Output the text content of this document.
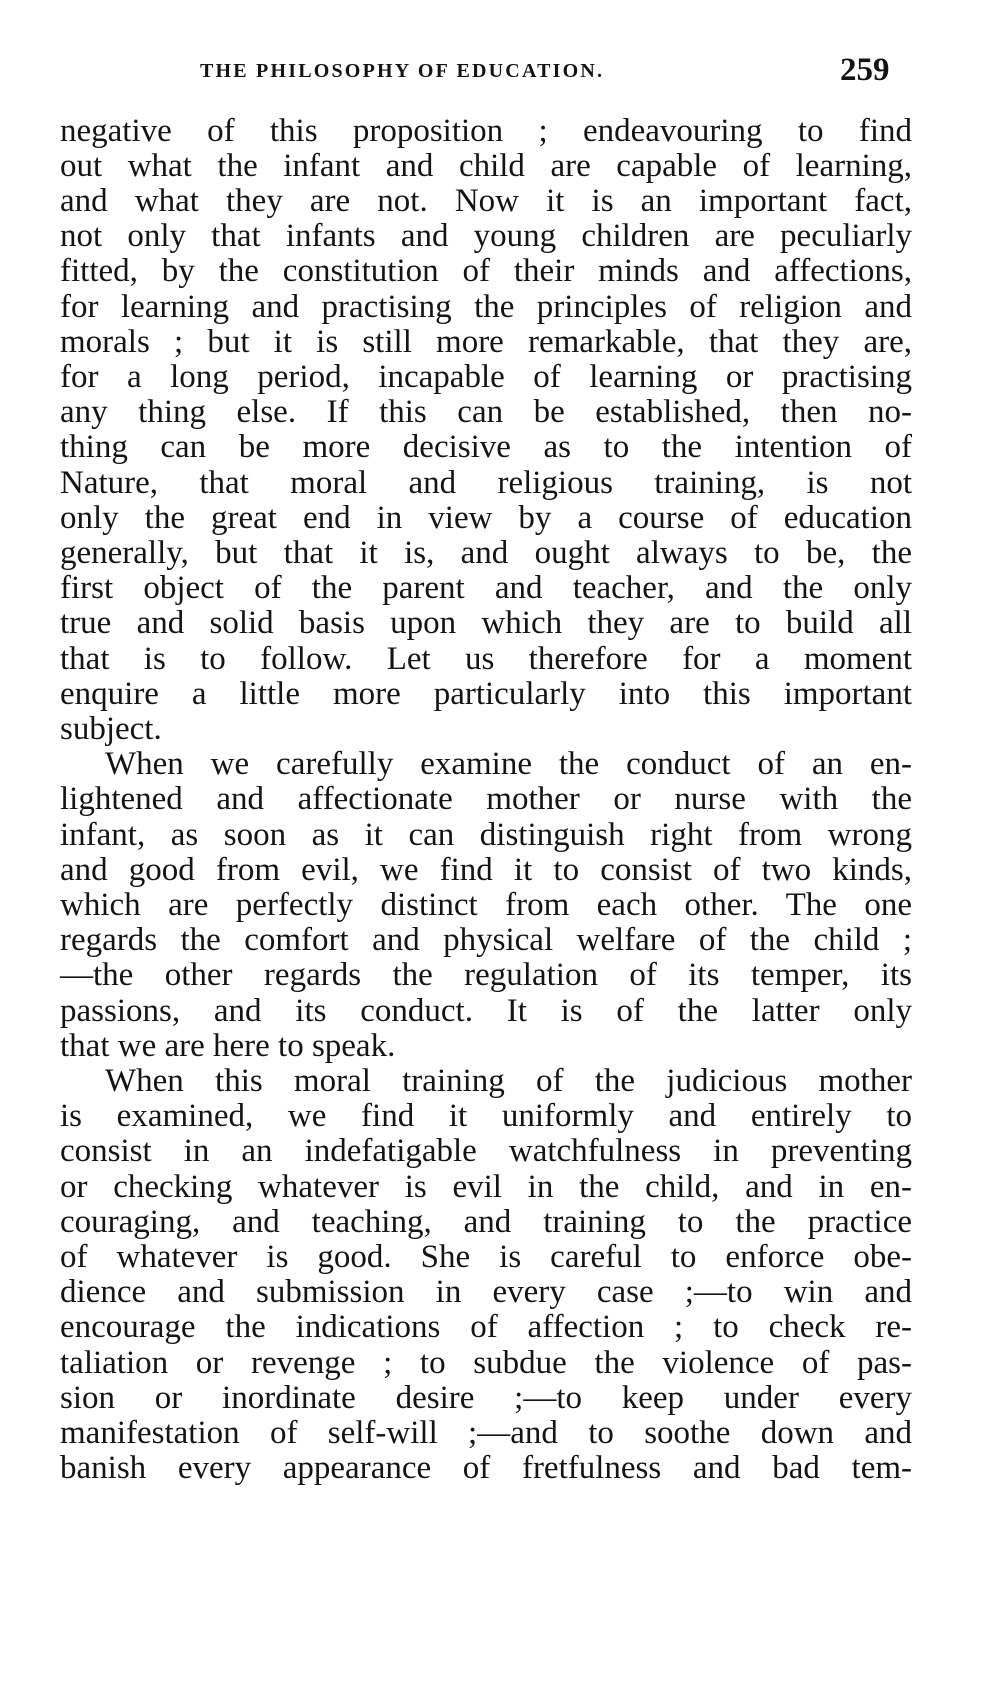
THE PHILOSOPHY OF EDUCATION.	259
negative of this proposition ; endeavouring to find
out what the infant and child are capable of learning,
and what they are not. Now it is an important fact,
not only that infants and young children are peculiarly
fitted, by the constitution of their minds and affections,
for learning and practising the principles of religion and
morals ; but it is still more remarkable, that they are,
for a long period, incapable of learning or practising
any thing else. If this can be established, then no-
thing can be more decisive as to the intention of
Nature, that moral and religious training, is not
only the great end in view by a course of education
generally, but that it is, and ought always to be, the
first object of the parent and teacher, and the only
true and solid basis upon which they are to build all
that is to follow. Let us therefore for a moment
enquire a little more particularly into this important
subject.
When we carefully examine the conduct of an en-
lightened and affectionate mother or nurse with the
infant, as soon as it can distinguish right from wrong
and good from evil, we find it to consist of two kinds,
which are perfectly distinct from each other. The one
regards the comfort and physical welfare of the child ;
—the other regards the regulation of its temper, its
passions, and its conduct. It is of the latter only
that we are here to speak.
When this moral training of the judicious mother
is examined, we find it uniformly and entirely to
consist in an indefatigable watchfulness in preventing
or checking whatever is evil in the child, and in en-
couraging, and teaching, and training to the practice
of whatever is good. She is careful to enforce obe-
dience and submission in every case ;—to win and
encourage the indications of affection ; to check re-
taliation or revenge ; to subdue the violence of pas-
sion or inordinate desire ;—to keep under every
manifestation of self-will ;—and to soothe down and
banish every appearance of fretfulness and bad tem-
